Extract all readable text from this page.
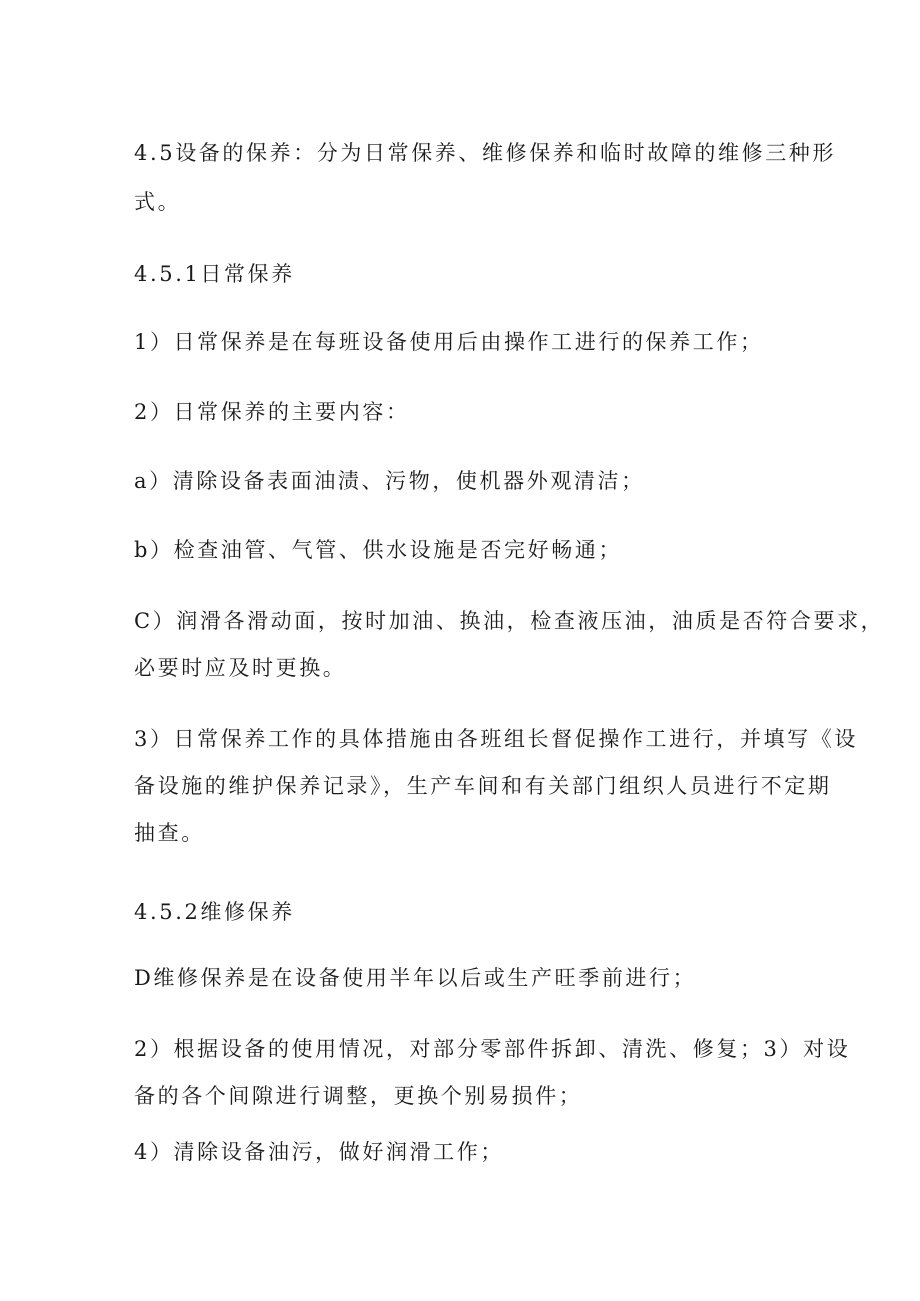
4.5设备的保养：分为日常保养、维修保养和临时故障的维修三种形
式。
4.5.1日常保养
1）日常保养是在每班设备使用后由操作工进行的保养工作；
2）日常保养的主要内容：
a）清除设备表面油渍、污物，使机器外观清洁；
b）检查油管、气管、供水设施是否完好畅通；
C）润滑各滑动面，按时加油、换油，检查液压油，油质是否符合要求，
必要时应及时更换。
3）日常保养工作的具体措施由各班组长督促操作工进行，并填写《设
备设施的维护保养记录》，生产车间和有关部门组织人员进行不定期
抽查。
4.5.2维修保养
D维修保养是在设备使用半年以后或生产旺季前进行；
2）根据设备的使用情况，对部分零部件拆卸、清洗、修复；3）对设
备的各个间隙进行调整，更换个别易损件；
4）清除设备油污，做好润滑工作；
